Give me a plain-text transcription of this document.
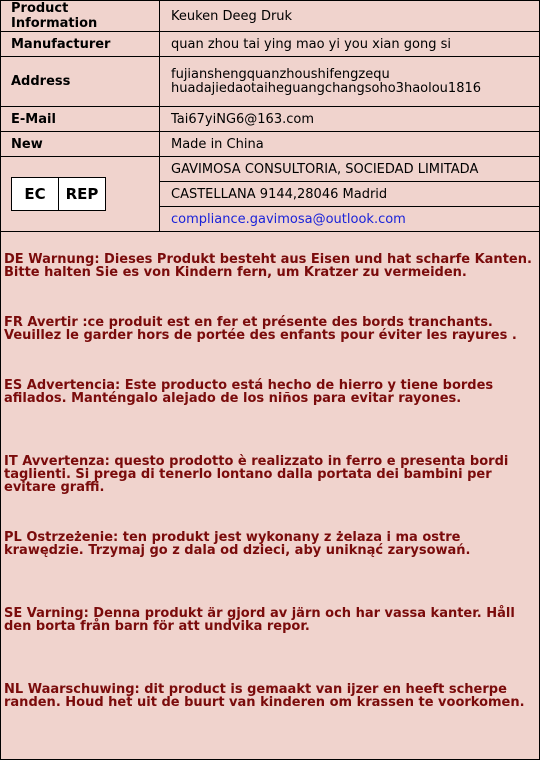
Product Information	Keuken Deeg Druk
Manufacturer	quan zhou tai ying mao yi you xian gong si
Address	fujianshengquanzhoushifengzequ huadajiedaotaiheguangchangsoho3haolou1816
E-Mail	Tai67yiNG6@163.com
New	Made in China

EC REP	GAVIMOSA CONSULTORIA, SOCIEDAD LIMITADA
	CASTELLANA 9144,28046 Madrid
	compliance.gavimosa@outlook.com

DE Warnung: Dieses Produkt besteht aus Eisen und hat scharfe Kanten. Bitte halten Sie es von Kindern fern, um Kratzer zu vermeiden.

FR Avertir :ce produit est en fer et présente des bords tranchants. Veuillez le garder hors de portée des enfants pour éviter les rayures .

ES Advertencia: Este producto está hecho de hierro y tiene bordes afilados. Manténgalo alejado de los niños para evitar rayones.

IT Avvertenza: questo prodotto è realizzato in ferro e presenta bordi taglienti. Si prega di tenerlo lontano dalla portata dei bambini per evitare graffi.

PL Ostrzeżenie: ten produkt jest wykonany z żelaza i ma ostre krawędzie. Trzymaj go z dala od dzieci, aby uniknąć zarysowań.

SE Varning: Denna produkt är gjord av järn och har vassa kanter. Håll den borta från barn för att undvika repor.

NL Waarschuwing: dit product is gemaakt van ijzer en heeft scherpe randen. Houd het uit de buurt van kinderen om krassen te voorkomen.
